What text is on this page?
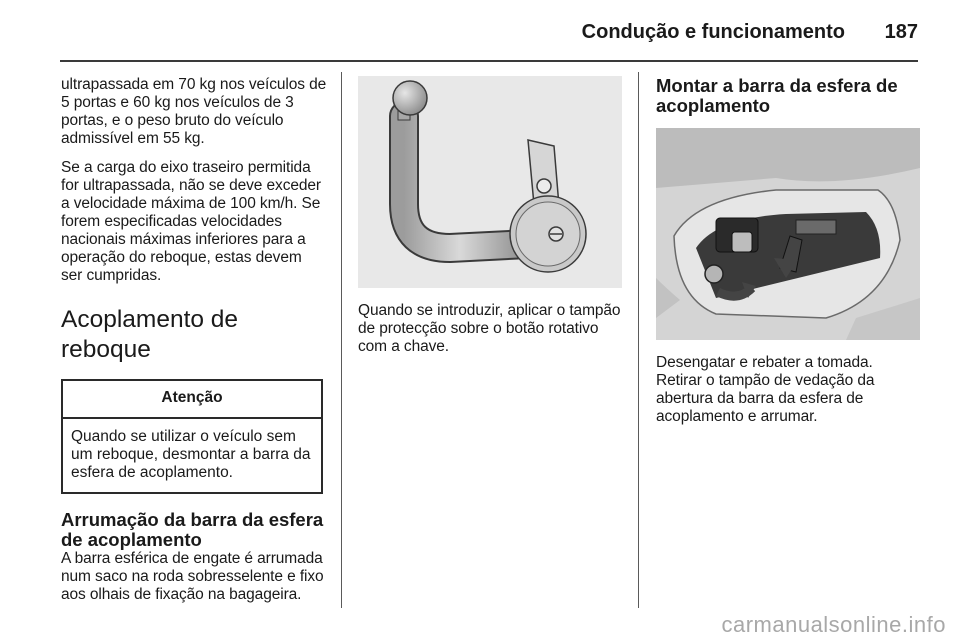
Condução e funcionamento	187

ultrapassada em 70 kg nos veículos de 5 portas e 60 kg nos veículos de 3 portas, e o peso bruto do veículo admissível em 55 kg.

Se a carga do eixo traseiro permitida for ultrapassada, não se deve exceder a velocidade máxima de 100 km/h. Se forem especificadas velocidades nacionais máximas inferiores para a operação do reboque, estas devem ser cumpridas.

Acoplamento de reboque
Atenção
Quando se utilizar o veículo sem um reboque, desmontar a barra da esfera de acoplamento.
Arrumação da barra da esfera de acoplamento

A barra esférica de engate é arrumada num saco na roda sobresselente e fixo aos olhais de fixação na bagageira.

Quando se introduzir, aplicar o tampão de protecção sobre o botão rotativo com a chave.

Montar a barra da esfera de acoplamento

Desengatar e rebater a tomada. Retirar o tampão de vedação da abertura da barra da esfera de acoplamento e arrumar.

carmanualsonline.info
